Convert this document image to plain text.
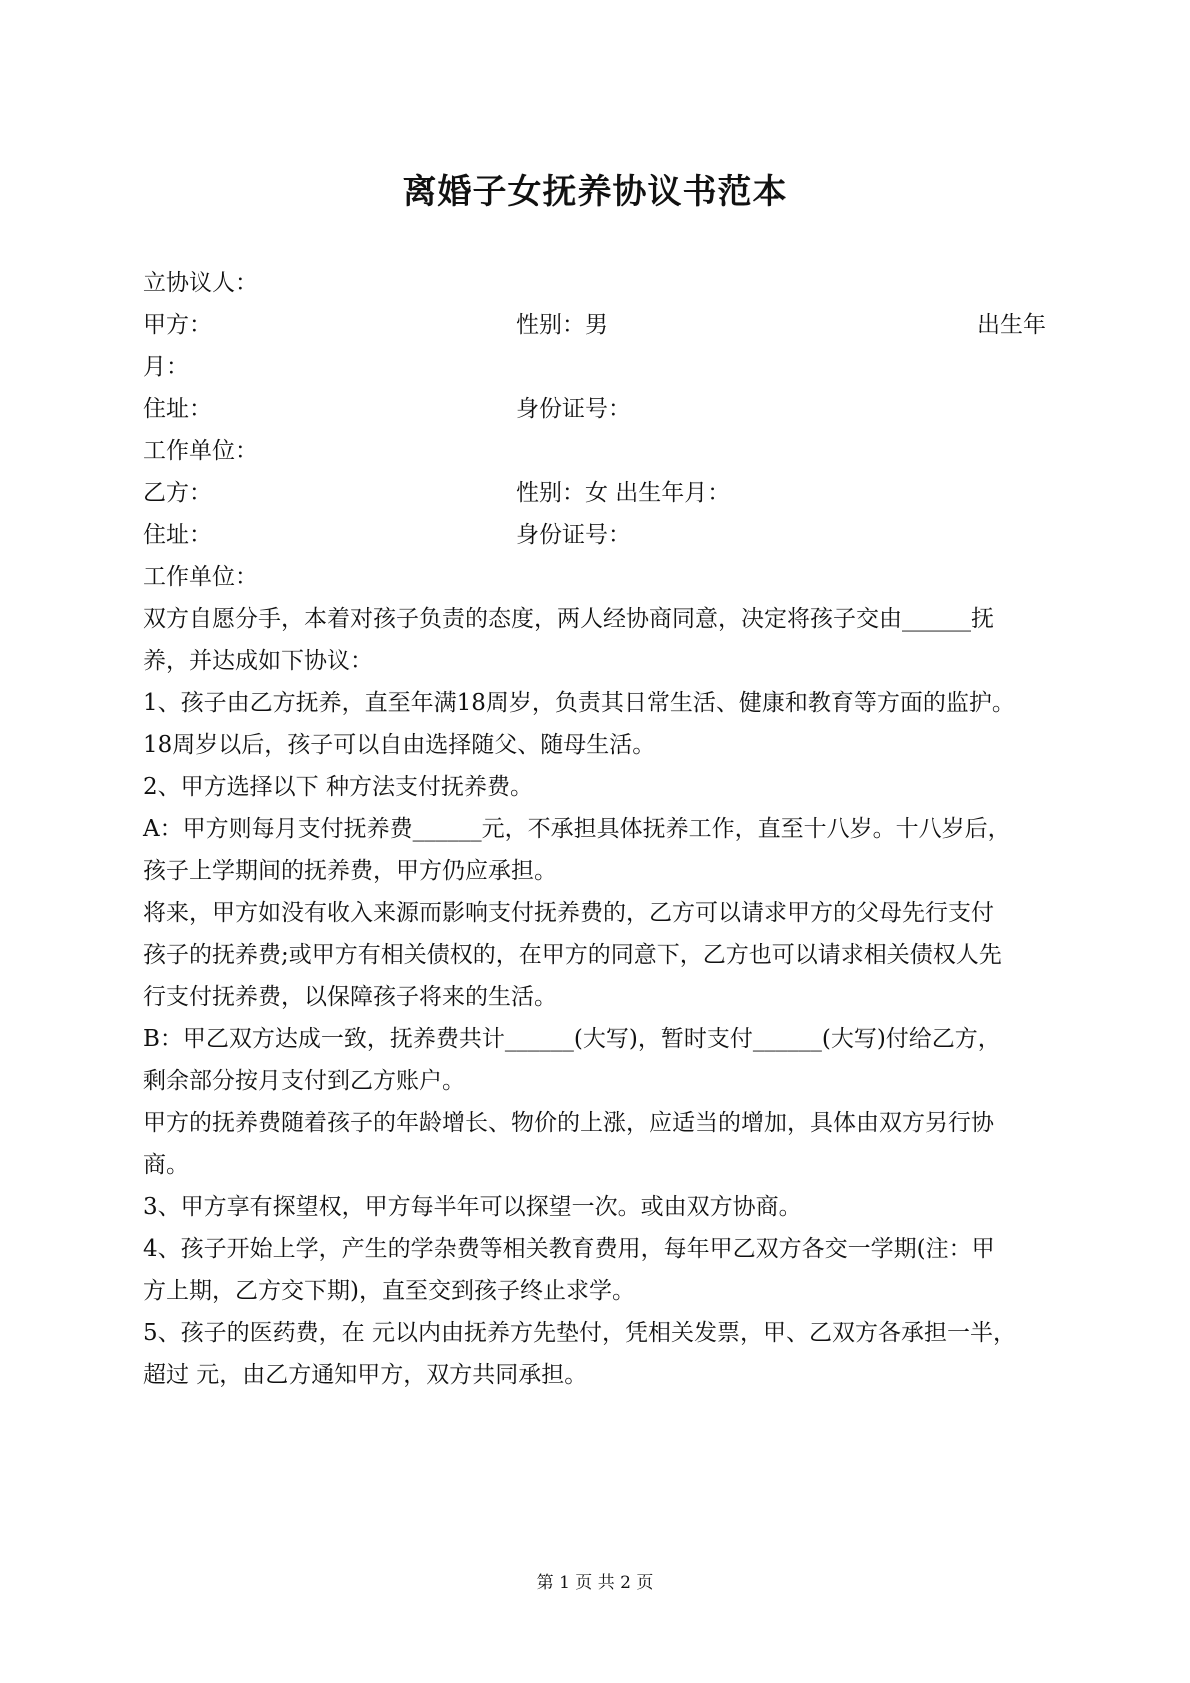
离婚子女抚养协议书范本
立协议人：
甲方：	性别：男	出生年
月：
住址：	身份证号：
工作单位：
乙方：	性别：女 出生年月：
住址：	身份证号：
工作单位：
双方自愿分手，本着对孩子负责的态度，两人经协商同意，决定将孩子交由______抚
养，并达成如下协议：
1、孩子由乙方抚养，直至年满18周岁，负责其日常生活、健康和教育等方面的监护。
18周岁以后，孩子可以自由选择随父、随母生活。
2、甲方选择以下 种方法支付抚养费。
A：甲方则每月支付抚养费______元，不承担具体抚养工作，直至十八岁。十八岁后，
孩子上学期间的抚养费，甲方仍应承担。
将来，甲方如没有收入来源而影响支付抚养费的，乙方可以请求甲方的父母先行支付
孩子的抚养费;或甲方有相关债权的，在甲方的同意下，乙方也可以请求相关债权人先
行支付抚养费，以保障孩子将来的生活。
B：甲乙双方达成一致，抚养费共计______(大写)，暂时支付______(大写)付给乙方，
剩余部分按月支付到乙方账户。
甲方的抚养费随着孩子的年龄增长、物价的上涨，应适当的增加，具体由双方另行协
商。
3、甲方享有探望权，甲方每半年可以探望一次。或由双方协商。
4、孩子开始上学，产生的学杂费等相关教育费用，每年甲乙双方各交一学期(注：甲
方上期，乙方交下期)，直至交到孩子终止求学。
5、孩子的医药费，在 元以内由抚养方先垫付，凭相关发票，甲、乙双方各承担一半，
超过 元，由乙方通知甲方，双方共同承担。
第 1 页 共 2 页
